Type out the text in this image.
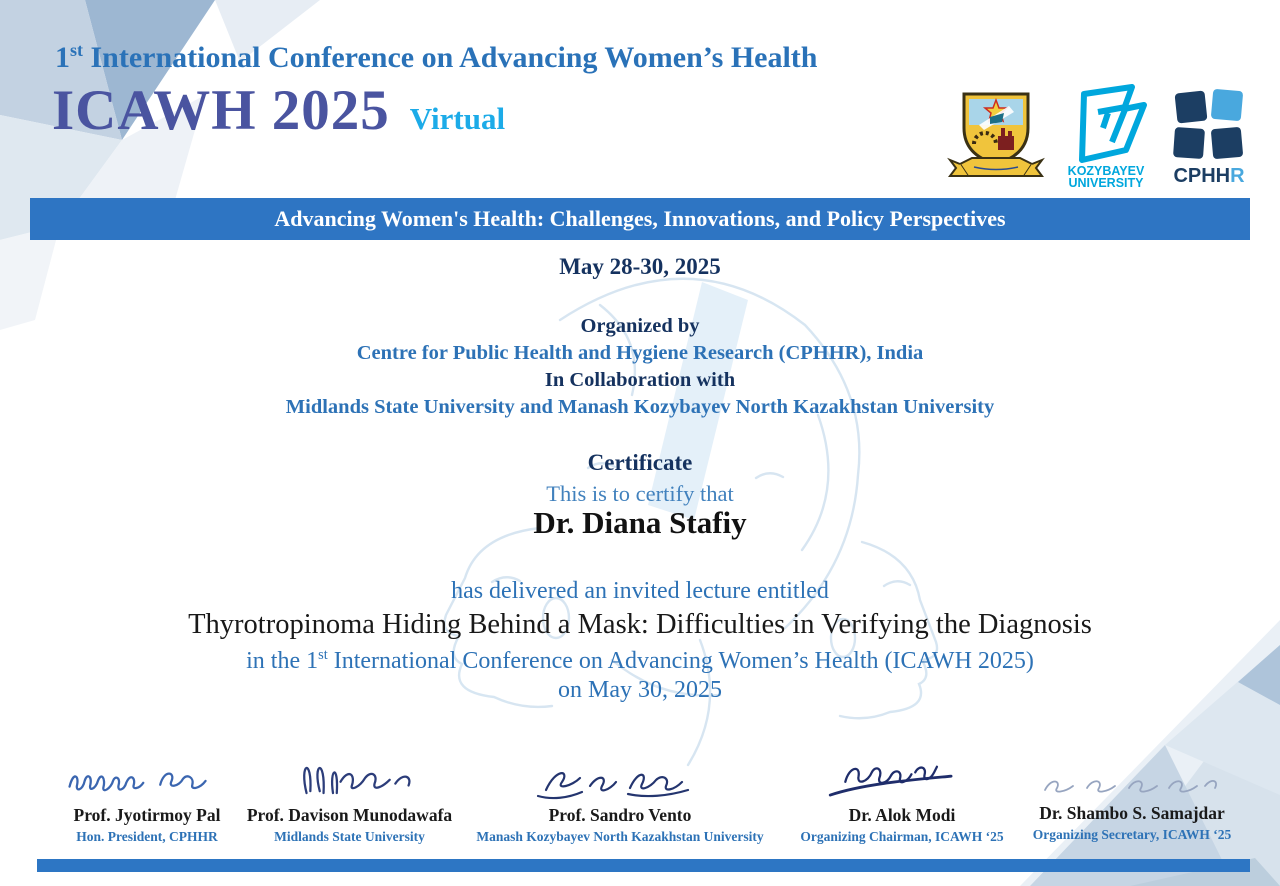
1st International Conference on Advancing Women’s Health
ICAWH 2025 Virtual
KOZYBAYEV
UNIVERSITY CPHHR
Advancing Women's Health: Challenges, Innovations, and Policy Perspectives
May 28-30, 2025
Organized by
Centre for Public Health and Hygiene Research (CPHHR), India
In Collaboration with
Midlands State University and Manash Kozybayev North Kazakhstan University
Certificate
This is to certify that
Dr. Diana Stafiy
has delivered an invited lecture entitled
Thyrotropinoma Hiding Behind a Mask: Difficulties in Verifying the Diagnosis
in the 1st International Conference on Advancing Women’s Health (ICAWH 2025)
on May 30, 2025
Prof. Jyotirmoy Pal
Hon. President, CPHHR
Prof. Davison Munodawafa
Midlands State University
Prof. Sandro Vento
Manash Kozybayev North Kazakhstan University
Dr. Alok Modi
Organizing Chairman, ICAWH ‘25
Dr. Shambo S. Samajdar
Organizing Secretary, ICAWH ‘25
